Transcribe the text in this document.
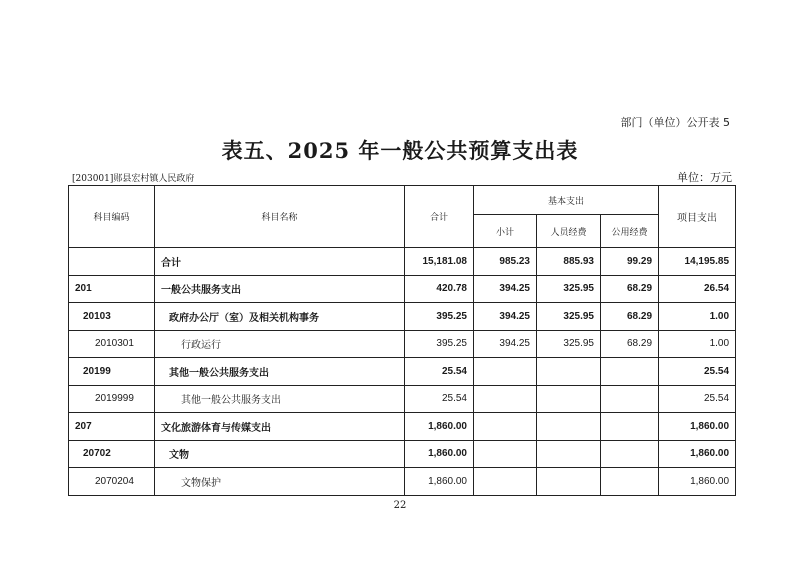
部门（单位）公开表 5
表五、2025 年一般公共预算支出表
[203001]郧县宏村镇人民政府	单位：万元
科目编码	科目名称	合计	基本支出			项目支出
			小计	人员经费	公用经费	
	合计	15,181.08	985.23	885.93	99.29	14,195.85
201	一般公共服务支出	420.78	394.25	325.95	68.29	26.54
20103	政府办公厅（室）及相关机构事务	395.25	394.25	325.95	68.29	1.00
2010301	行政运行	395.25	394.25	325.95	68.29	1.00
20199	其他一般公共服务支出	25.54				25.54
2019999	其他一般公共服务支出	25.54				25.54
207	文化旅游体育与传媒支出	1,860.00				1,860.00
20702	文物	1,860.00				1,860.00
2070204	文物保护	1,860.00				1,860.00
22
